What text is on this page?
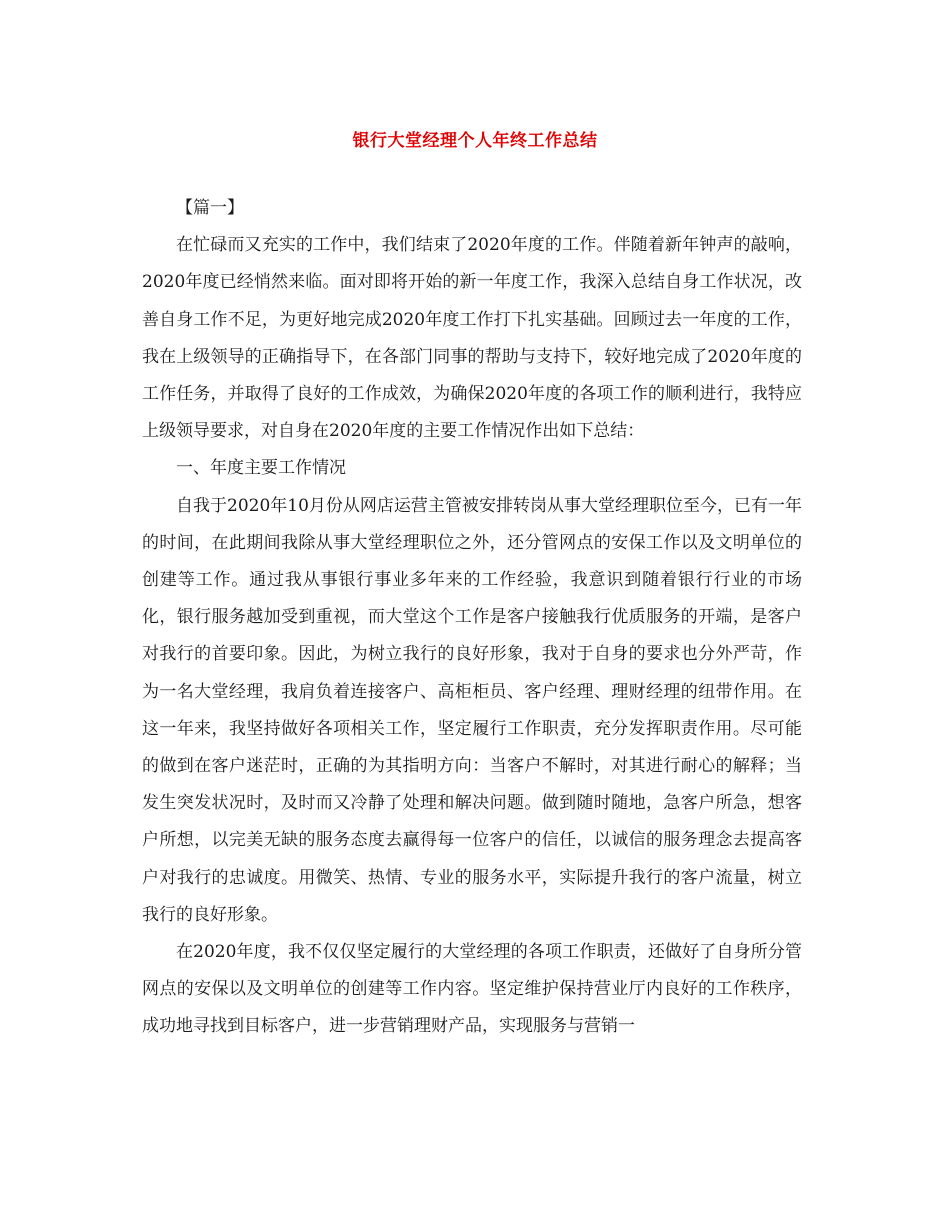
银行大堂经理个人年终工作总结

【篇一】

在忙碌而又充实的工作中，我们结束了2020年度的工作。伴随着新年钟声的敲响，2020年度已经悄然来临。面对即将开始的新一年度工作，我深入总结自身工作状况，改善自身工作不足，为更好地完成2020年度工作打下扎实基础。回顾过去一年度的工作，我在上级领导的正确指导下，在各部门同事的帮助与支持下，较好地完成了2020年度的工作任务，并取得了良好的工作成效，为确保2020年度的各项工作的顺利进行，我特应上级领导要求，对自身在2020年度的主要工作情况作出如下总结：

一、年度主要工作情况

自我于2020年10月份从网店运营主管被安排转岗从事大堂经理职位至今，已有一年的时间，在此期间我除从事大堂经理职位之外，还分管网点的安保工作以及文明单位的创建等工作。通过我从事银行事业多年来的工作经验，我意识到随着银行行业的市场化，银行服务越加受到重视，而大堂这个工作是客户接触我行优质服务的开端，是客户对我行的首要印象。因此，为树立我行的良好形象，我对于自身的要求也分外严苛，作为一名大堂经理，我肩负着连接客户、高柜柜员、客户经理、理财经理的纽带作用。在这一年来，我坚持做好各项相关工作，坚定履行工作职责，充分发挥职责作用。尽可能的做到在客户迷茫时，正确的为其指明方向：当客户不解时，对其进行耐心的解释；当发生突发状况时，及时而又冷静了处理和解决问题。做到随时随地，急客户所急，想客户所想，以完美无缺的服务态度去赢得每一位客户的信任，以诚信的服务理念去提高客户对我行的忠诚度。用微笑、热情、专业的服务水平，实际提升我行的客户流量，树立我行的良好形象。

在2020年度，我不仅仅坚定履行的大堂经理的各项工作职责，还做好了自身所分管网点的安保以及文明单位的创建等工作内容。坚定维护保持营业厅内良好的工作秩序，成功地寻找到目标客户，进一步营销理财产品，实现服务与营销一
